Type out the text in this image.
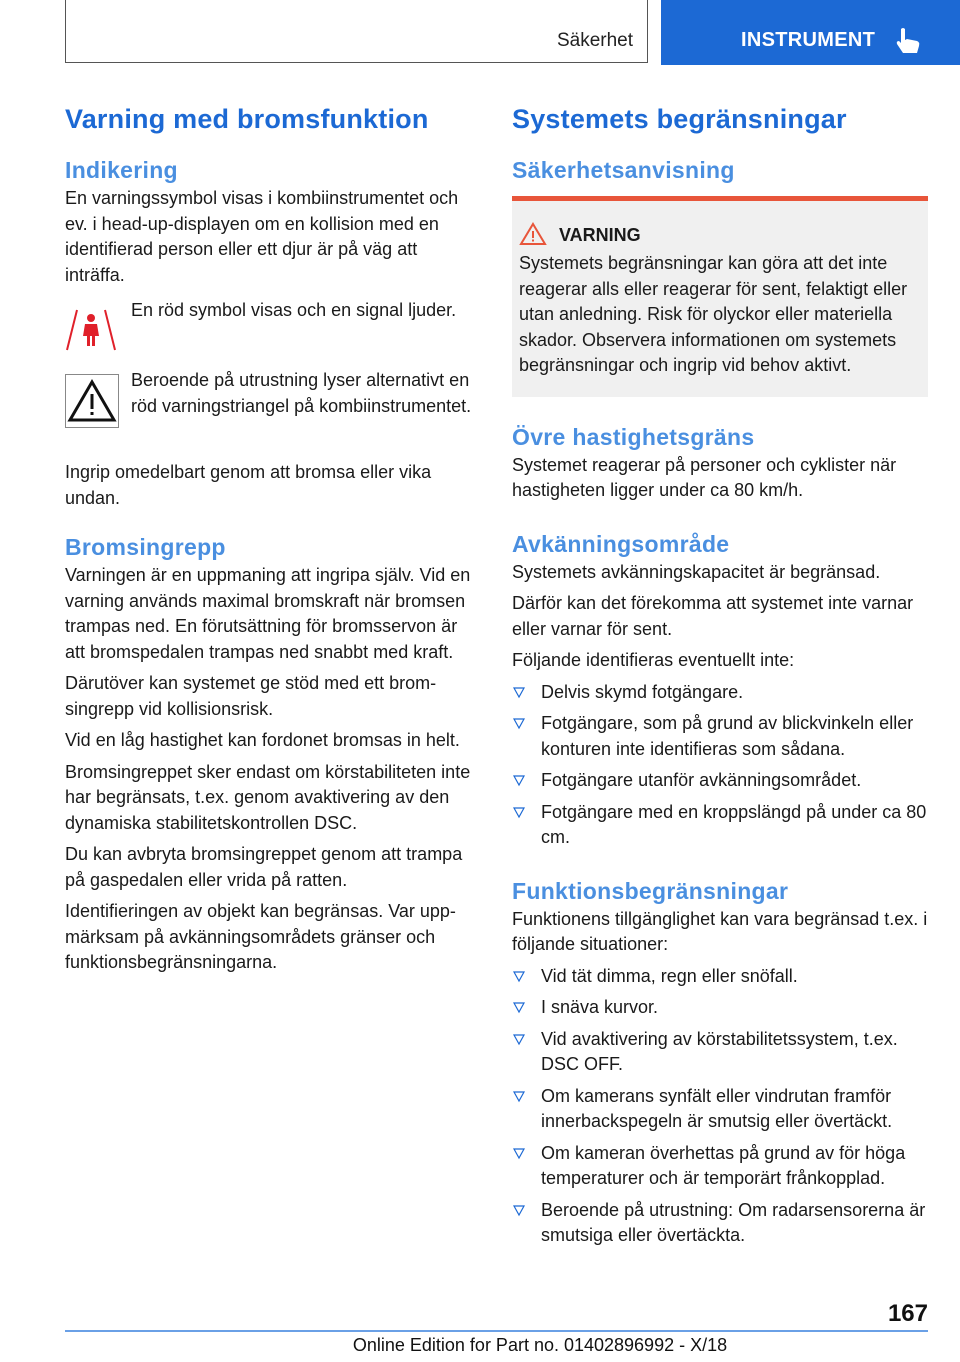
Säkerhet	INSTRUMENT
Varning med bromsfunktion
Indikering

En varningssymbol visas i kombiinstrumentet och ev. i head-up-displayen om en kollision med en identifierad person eller ett djur är på väg att inträffa.

En röd symbol visas och en signal ljuder.

Beroende på utrustning lyser alternativt en röd varningstriangel på kombiinstrumentet.

Ingrip omedelbart genom att bromsa eller vika undan.

Bromsingrepp

Varningen är en uppmaning att ingripa själv. Vid en varning används maximal bromskraft när bromsen trampas ned. En förutsättning för bromsservon är att bromspedalen trampas ned snabbt med kraft.

Därutöver kan systemet ge stöd med ett bromsingrepp vid kollisionsrisk.

Vid en låg hastighet kan fordonet bromsas in helt.

Bromsingreppet sker endast om körstabiliteten inte har begränsats, t.ex. genom avaktivering av den dynamiska stabilitetskontrollen DSC.

Du kan avbryta bromsingreppet genom att trampa på gaspedalen eller vrida på ratten.

Identifieringen av objekt kan begränsas. Var uppmärksam på avkänningsområdets gränser och funktionsbegränsningarna.

Systemets begränsningar
Säkerhetsanvisning
VARNING

Systemets begränsningar kan göra att det inte reagerar alls eller reagerar för sent, felaktigt eller utan anledning. Risk för olyckor eller materiella skador. Observera informationen om systemets begränsningar och ingrip vid behov aktivt.

Övre hastighetsgräns

Systemet reagerar på personer och cyklister när hastigheten ligger under ca 80 km/h.

Avkänningsområde

Systemets avkänningskapacitet är begränsad.

Därför kan det förekomma att systemet inte varnar eller varnar för sent.

Följande identifieras eventuellt inte:

Delvis skymd fotgängare.
Fotgängare, som på grund av blickvinkeln eller konturen inte identifieras som sådana.
Fotgängare utanför avkänningsområdet.
Fotgängare med en kroppslängd på under ca 80 cm.
Funktionsbegränsningar

Funktionens tillgänglighet kan vara begränsad t.ex. i följande situationer:

Vid tät dimma, regn eller snöfall.
I snäva kurvor.
Vid avaktivering av körstabilitetssystem, t.ex. DSC OFF.
Om kamerans synfält eller vindrutan framför innerbackspegeln är smutsig eller övertäckt.
Om kameran överhettas på grund av för höga temperaturer och är temporärt frånkopplad.
Beroende på utrustning: Om radarsensorerna är smutsiga eller övertäckta.
167
Online Edition for Part no. 01402896992 - X/18
